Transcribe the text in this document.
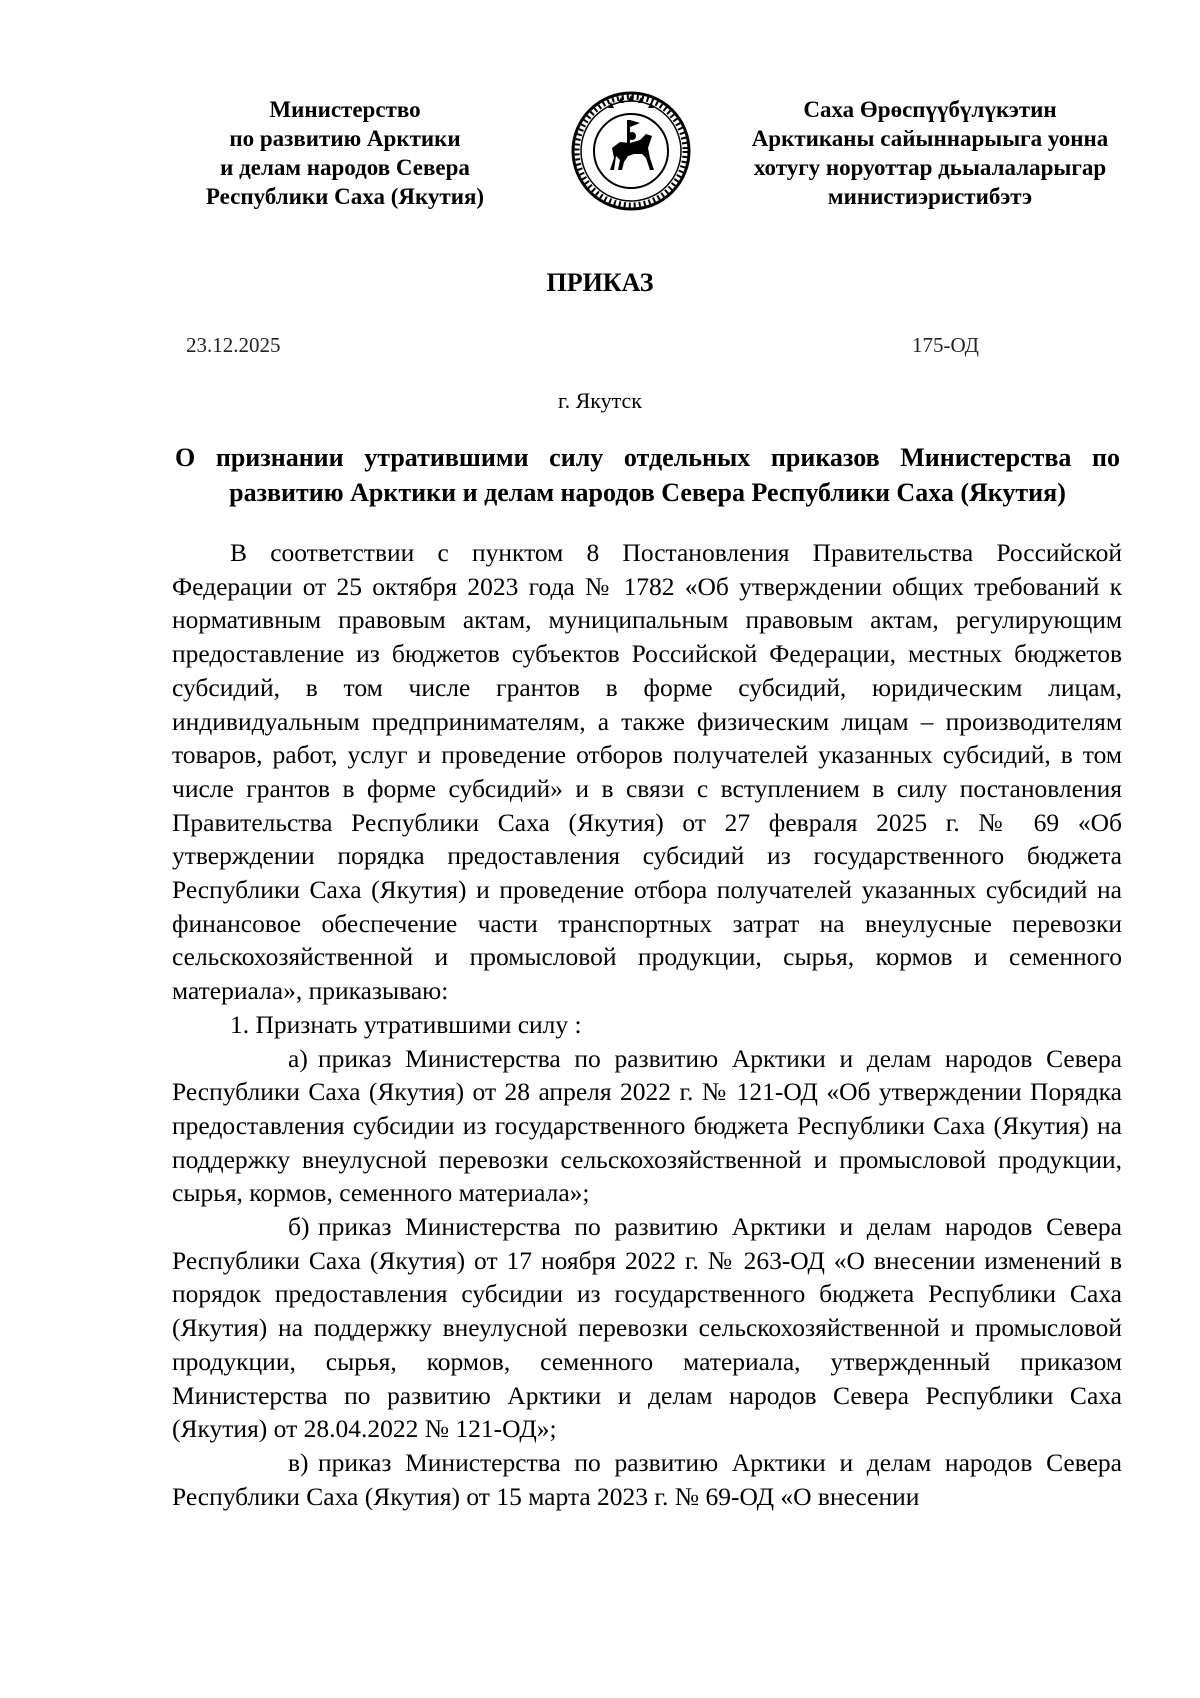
Министерство
по развитию Арктики
и делам народов Севера
Республики Саха (Якутия)
Саха Өрөспүүбүлүкэтин
Арктиканы сайыннарыыга уонна
хотугу норуоттар дьыалаларыгар
министиэристибэтэ
ПРИКАЗ
23.12.2025	175-ОД
г. Якутск
О признании утратившими силу отдельных приказов Министерства по развитию Арктики и делам народов Севера Республики Саха (Якутия)

В соответствии с пунктом 8 Постановления Правительства Российской Федерации от 25 октября 2023 года № 1782 «Об утверждении общих требований к нормативным правовым актам, муниципальным правовым актам, регулирующим предоставление из бюджетов субъектов Российской Федерации, местных бюджетов субсидий, в том числе грантов в форме субсидий, юридическим лицам, индивидуальным предпринимателям, а также физическим лицам – производителям товаров, работ, услуг и проведение отборов получателей указанных субсидий, в том числе грантов в форме субсидий» и в связи с вступлением в силу постановления Правительства Республики Саха (Якутия) от 27 февраля 2025 г. № 69 «Об утверждении порядка предоставления субсидий из государственного бюджета Республики Саха (Якутия) и проведение отбора получателей указанных субсидий на финансовое обеспечение части транспортных затрат на внеулусные перевозки сельскохозяйственной и промысловой продукции, сырья, кормов и семенного материала», приказываю:

1. Признать утратившими силу :

а) приказ Министерства по развитию Арктики и делам народов Севера Республики Саха (Якутия) от 28 апреля 2022 г. № 121-ОД «Об утверждении Порядка предоставления субсидии из государственного бюджета Республики Саха (Якутия) на поддержку внеулусной перевозки сельскохозяйственной и промысловой продукции, сырья, кормов, семенного материала»;

б) приказ Министерства по развитию Арктики и делам народов Севера Республики Саха (Якутия) от 17 ноября 2022 г. № 263-ОД «О внесении изменений в порядок предоставления субсидии из государственного бюджета Республики Саха (Якутия) на поддержку внеулусной перевозки сельскохозяйственной и промысловой продукции, сырья, кормов, семенного материала, утвержденный приказом Министерства по развитию Арктики и делам народов Севера Республики Саха (Якутия) от 28.04.2022 № 121-ОД»;

в) приказ Министерства по развитию Арктики и делам народов Севера Республики Саха (Якутия) от 15 марта 2023 г. № 69-ОД «О внесении
